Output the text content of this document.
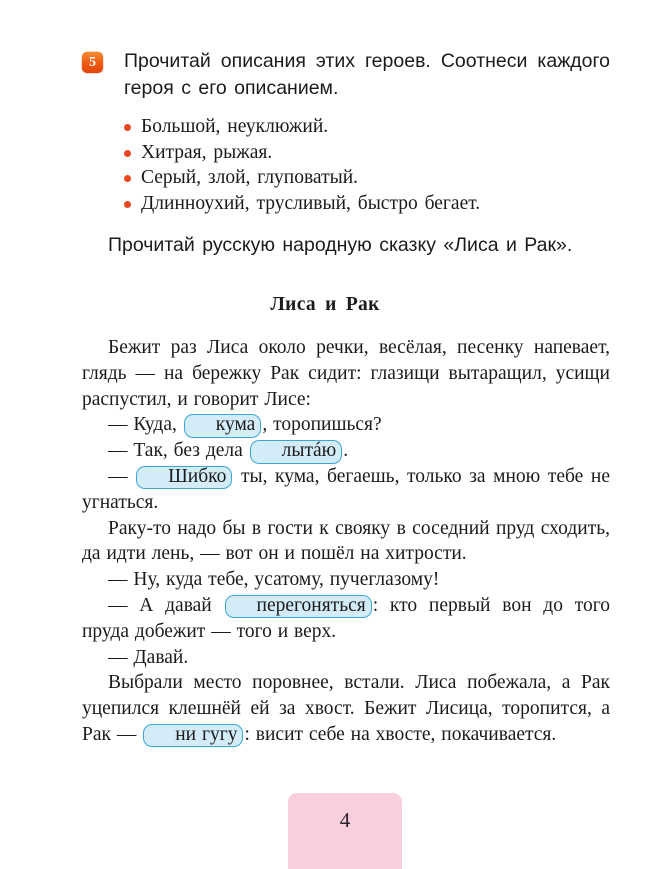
5	Прочитай описания этих героев. Соотнеси каждого героя с его описанием.
Большой, неуклюжий.
Хитрая, рыжая.
Серый, злой, глуповатый.
Длинноухий, трусливый, быстро бегает.
Прочитай русскую народную сказку «Лиса и Рак».
Лиса и Рак

Бежит раз Лиса около речки, весёлая, песенку напевает, глядь — на бережку Рак сидит: глазищи вытаращил, усищи распустил, и говорит Лисе:

— Куда, кума , торопишься?

— Так, без дела лытáю .

— Шибко ты, кума, бегаешь, только за мною тебе не угнаться.

Раку-то надо бы в гости к свояку в соседний пруд сходить, да идти лень, — вот он и пошёл на хитрости.

— Ну, куда тебе, усатому, пучеглазому!

— А давай перегоняться : кто первый вон до того пруда добежит — того и верх.

— Давай.

Выбрали место поровнее, встали. Лиса побежала, а Рак уцепился клешнёй ей за хвост. Бежит Лисица, торопится, а Рак — ни гугу : висит себе на хвосте, покачивается.

4
